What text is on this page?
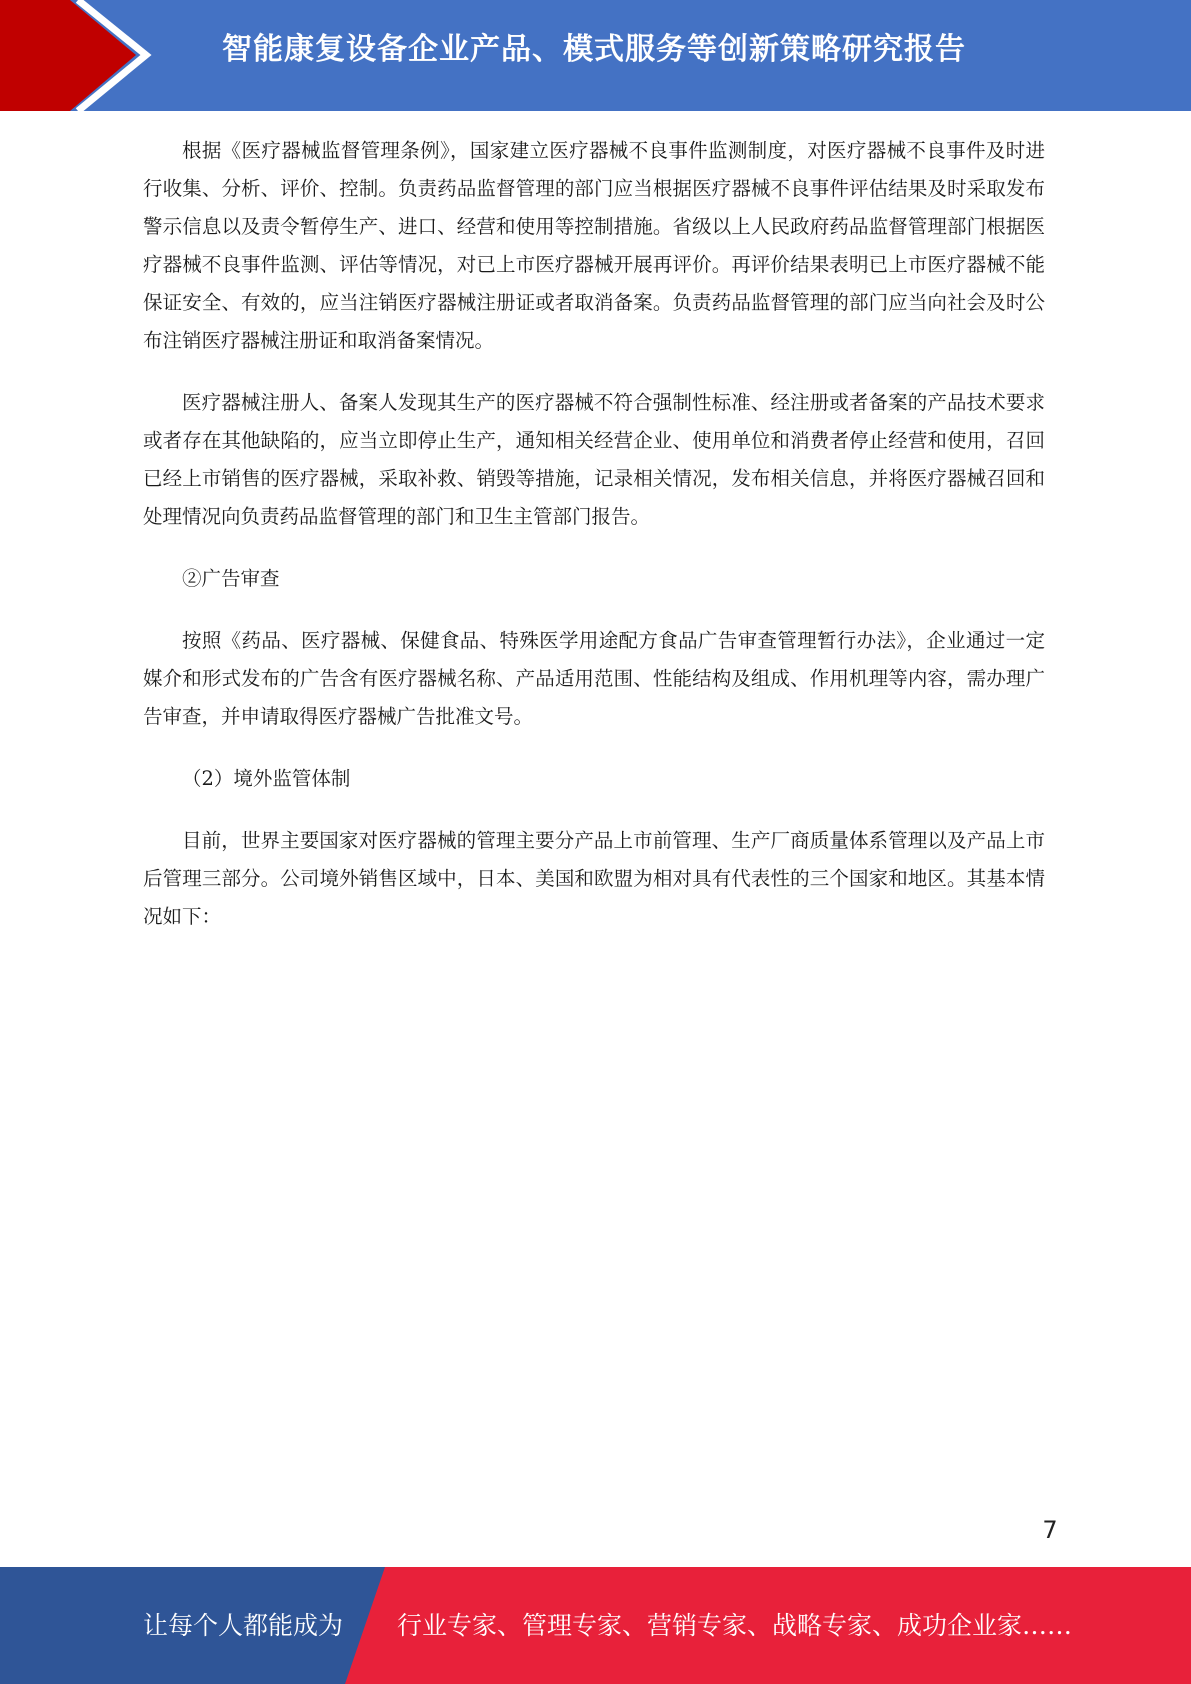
智能康复设备企业产品、模式服务等创新策略研究报告

根据《医疗器械监督管理条例》，国家建立医疗器械不良事件监测制度，对医疗器械不良事件及时进行收集、分析、评价、控制。负责药品监督管理的部门应当根据医疗器械不良事件评估结果及时采取发布警示信息以及责令暂停生产、进口、经营和使用等控制措施。省级以上人民政府药品监督管理部门根据医疗器械不良事件监测、评估等情况，对已上市医疗器械开展再评价。再评价结果表明已上市医疗器械不能保证安全、有效的，应当注销医疗器械注册证或者取消备案。负责药品监督管理的部门应当向社会及时公布注销医疗器械注册证和取消备案情况。

医疗器械注册人、备案人发现其生产的医疗器械不符合强制性标准、经注册或者备案的产品技术要求或者存在其他缺陷的，应当立即停止生产，通知相关经营企业、使用单位和消费者停止经营和使用，召回已经上市销售的医疗器械，采取补救、销毁等措施，记录相关情况，发布相关信息，并将医疗器械召回和处理情况向负责药品监督管理的部门和卫生主管部门报告。

②广告审查

按照《药品、医疗器械、保健食品、特殊医学用途配方食品广告审查管理暂行办法》，企业通过一定媒介和形式发布的广告含有医疗器械名称、产品适用范围、性能结构及组成、作用机理等内容，需办理广告审查，并申请取得医疗器械广告批准文号。

（2）境外监管体制

目前，世界主要国家对医疗器械的管理主要分产品上市前管理、生产厂商质量体系管理以及产品上市后管理三部分。公司境外销售区域中，日本、美国和欧盟为相对具有代表性的三个国家和地区。其基本情况如下：

7
让每个人都能成为 行业专家、管理专家、营销专家、战略专家、成功企业家……
